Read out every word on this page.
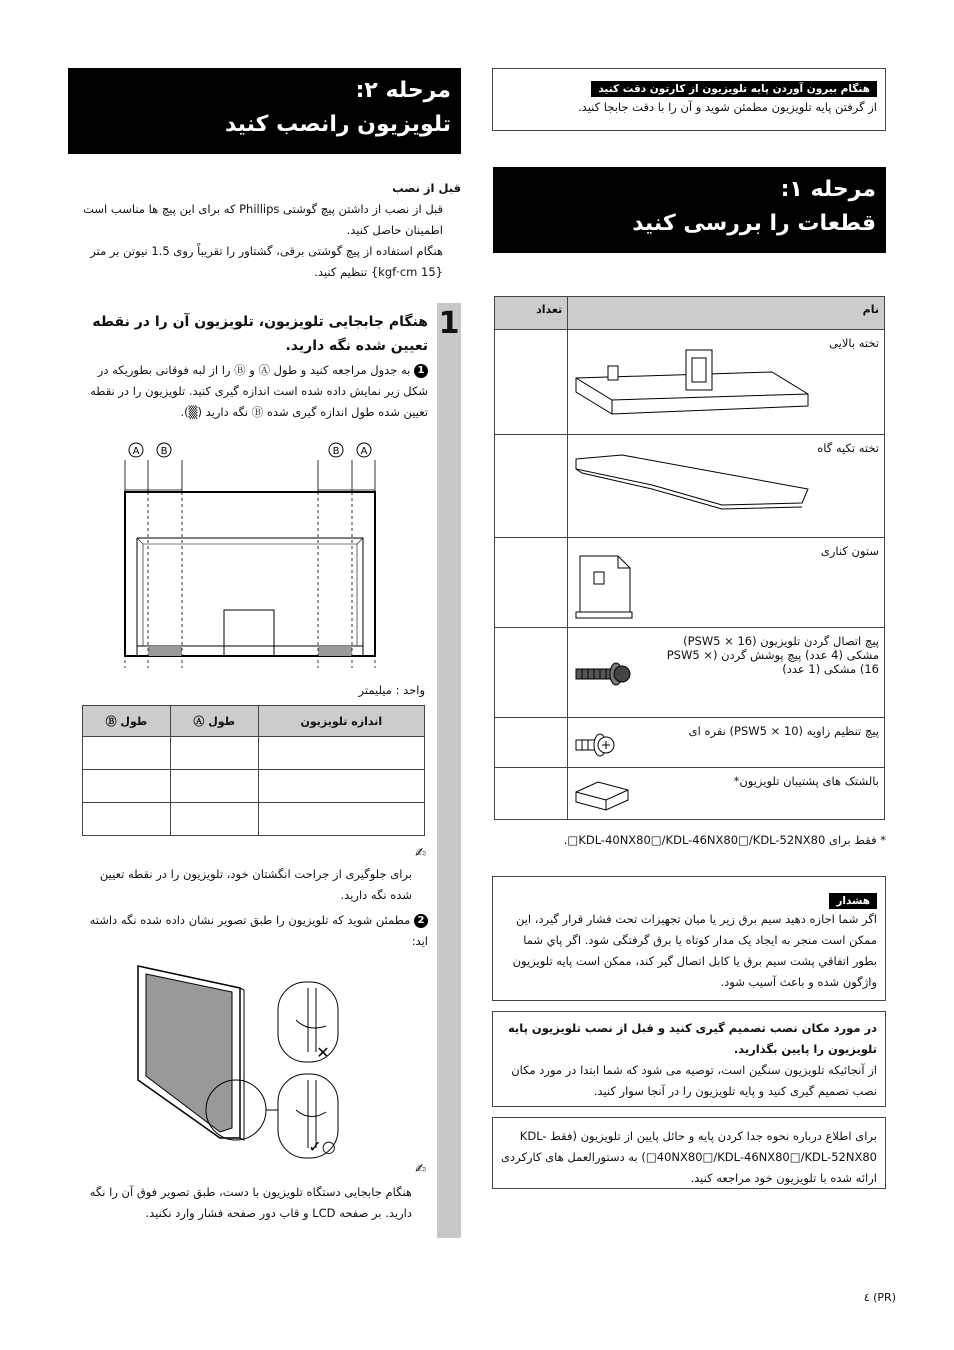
مرحله ۲:
تلویزیون رانصب کنید
قبل از نصب
قبل از نصب از داشتن پیچ گوشتی Phillips که برای این پیچ ها مناسب است اطمینان حاصل کنید.
هنگام استفاده از پیچ گوشتی برقی، گشتاور را تقریباً روی 1.5 نیوتن بر متر {15 kgf·cm} تنظیم کنید.
1
هنگام جابجایی تلویزیون، تلویزیون آن را در نقطه تعیین شده نگه دارید.
1 به جدول مراجعه کنید و طول Ⓐ و Ⓑ را از لبه فوقانی بطوریکه در شکل زیر نمایش داده شده است اندازه گیری کنید. تلویزیون را در نقطه تعیین شده طول اندازه گیری شده Ⓑ نگه دارید (▒).
A B	B A
واحد : میلیمتر
اندازه تلویزیون	طول Ⓐ	طول Ⓑ

✍
برای جلوگیری از جراحت انگشتان خود، تلویزیون را در نقطه تعیین شده نگه دارید.
2 مطمئن شوید که تلویزیون را طبق تصویر نشان داده شده نگه داشته اید:
✕
✓○
✍
هنگام جابجایی دستگاه تلویزیون با دست، طبق تصویر فوق آن را نگه دارید. بر صفحه LCD و قاب دور صفحه فشار وارد نکنید.
هنگام بیرون آوردن پایه تلویزیون از کارتون دقت کنید
از گرفتن پایه تلویزیون مطمئن شوید و آن را با دقت جابجا کنید.
مرحله ۱:
قطعات را بررسی کنید
نام	تعداد

تخته بالایی	

تخته تکیه گاه	

ستون کناری	

پیچ اتصال گردن تلویزیون (PSW5 × 16) مشکی (4 عدد) پیچ پوشش گردن (PSW5 × 16) مشکی (1 عدد)	

پیچ تنظیم زاویه (PSW5 × 10) نقره ای	

بالشتک های پشتیبان تلویزیون*	

* فقط برای KDL-40NX80□/KDL-46NX80□/KDL-52NX80□.
هشدار
اگر شما اجازه دهید سیم برق زیر یا میان تجهیزات تحت فشار قرار گیرد، این ممکن است منجر به ایجاد یک مدار کوتاه یا برق گرفتگی شود. اگر پاي شما بطور اتفاقي پشت سیم برق یا کابل اتصال گیر کند، ممکن است پایه تلویزیون واژگون شده و باعث آسیب شود.
در مورد مکان نصب تصمیم گیری کنید و قبل از نصب تلویزیون پایه تلویزیون را پایین بگذارید.
از آنجائیکه تلویزیون سنگین است، توصیه می شود که شما ابتدا در مورد مکان نصب تصمیم گیری کنید و پایه تلویزیون را در آنجا سوار کنید.
برای اطلاع درباره نحوه جدا کردن پایه و حائل پایین از تلویزیون (فقط KDL-40NX80□/KDL-46NX80□/KDL-52NX80□) به دستورالعمل های کارکردی ارائه شده با تلویزیون خود مراجعه کنید.
٤ (PR)
